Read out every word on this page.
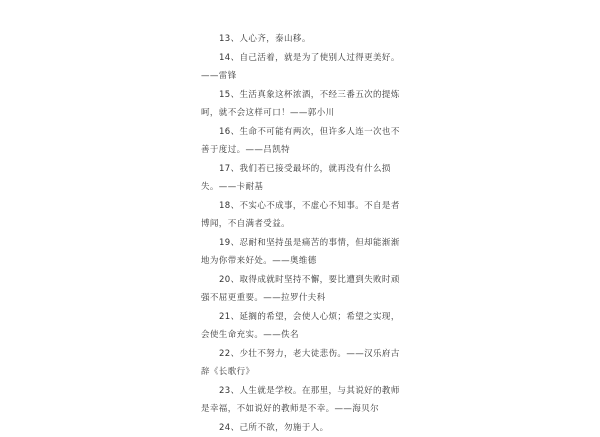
13、人心齐，泰山移。

14、自己活着，就是为了使别人过得更美好。——雷锋

15、生活真象这杯浓酒，不经三番五次的提炼呵，就不会这样可口！——郭小川

16、生命不可能有两次，但许多人连一次也不善于度过。——吕凯特

17、我们若已接受最坏的，就再没有什么损失。——卡耐基

18、不实心不成事，不虚心不知事。不自是者博闻，不自满者受益。

19、忍耐和坚持虽是痛苦的事情，但却能渐渐地为你带来好处。——奥维德

20、取得成就时坚持不懈，要比遭到失败时顽强不屈更重要。——拉罗什夫科

21、延搁的希望，会使人心烦；希望之实现，会使生命充实。——佚名

22、少壮不努力，老大徒悲伤。——汉乐府古辞《长歌行》

23、人生就是学校。在那里，与其说好的教师是幸福，不如说好的教师是不幸。——海贝尔

24、己所不欲，勿施于人。
